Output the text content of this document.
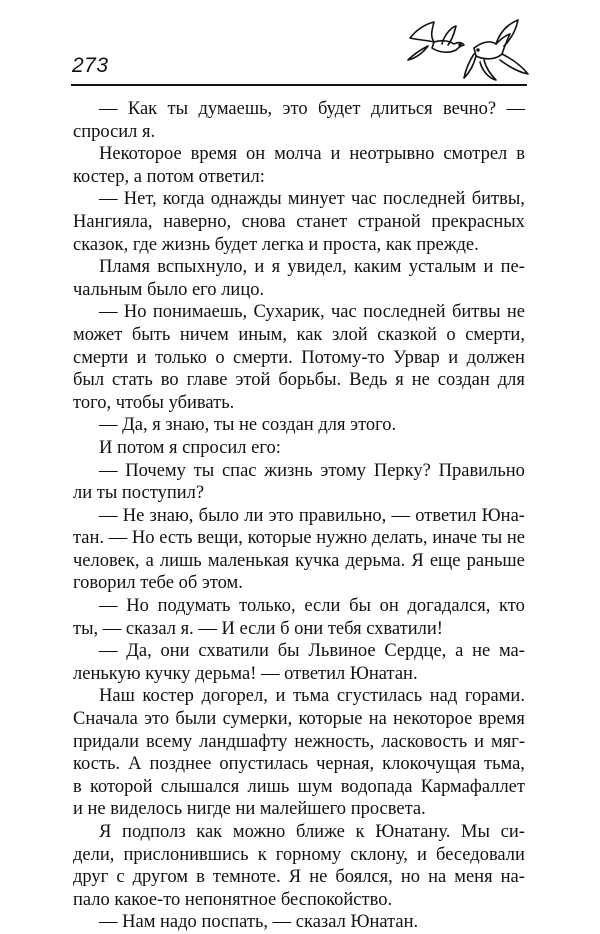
273
— Как ты думаешь, это будет длиться вечно? —
спросил я.
Некоторое время он молча и неотрывно смотрел в
костер, а потом ответил:
— Нет, когда однажды минует час последней битвы,
Нангияла, наверно, снова станет страной прекрасных
сказок, где жизнь будет легка и проста, как прежде.
Пламя вспыхнуло, и я увидел, каким усталым и пе-
чальным было его лицо.
— Но понимаешь, Сухарик, час последней битвы не
может быть ничем иным, как злой сказкой о смерти,
смерти и только о смерти. Потому-то Урвар и должен
был стать во главе этой борьбы. Ведь я не создан для
того, чтобы убивать.
— Да, я знаю, ты не создан для этого.
И потом я спросил его:
— Почему ты спас жизнь этому Перку? Правильно
ли ты поступил?
— Не знаю, было ли это правильно, — ответил Юна-
тан. — Но есть вещи, которые нужно делать, иначе ты не
человек, а лишь маленькая кучка дерьма. Я еще раньше
говорил тебе об этом.
— Но подумать только, если бы он догадался, кто
ты, — сказал я. — И если б они тебя схватили!
— Да, они схватили бы Львиное Сердце, а не ма-
ленькую кучку дерьма! — ответил Юнатан.
Наш костер догорел, и тьма сгустилась над горами.
Сначала это были сумерки, которые на некоторое время
придали всему ландшафту нежность, ласковость и мяг-
кость. А позднее опустилась черная, клокочущая тьма,
в которой слышался лишь шум водопада Кармафаллет
и не виделось нигде ни малейшего просвета.
Я подполз как можно ближе к Юнатану. Мы си-
дели, прислонившись к горному склону, и беседовали
друг с другом в темноте. Я не боялся, но на меня на-
пало какое-то непонятное беспокойство.
— Нам надо поспать, — сказал Юнатан.
